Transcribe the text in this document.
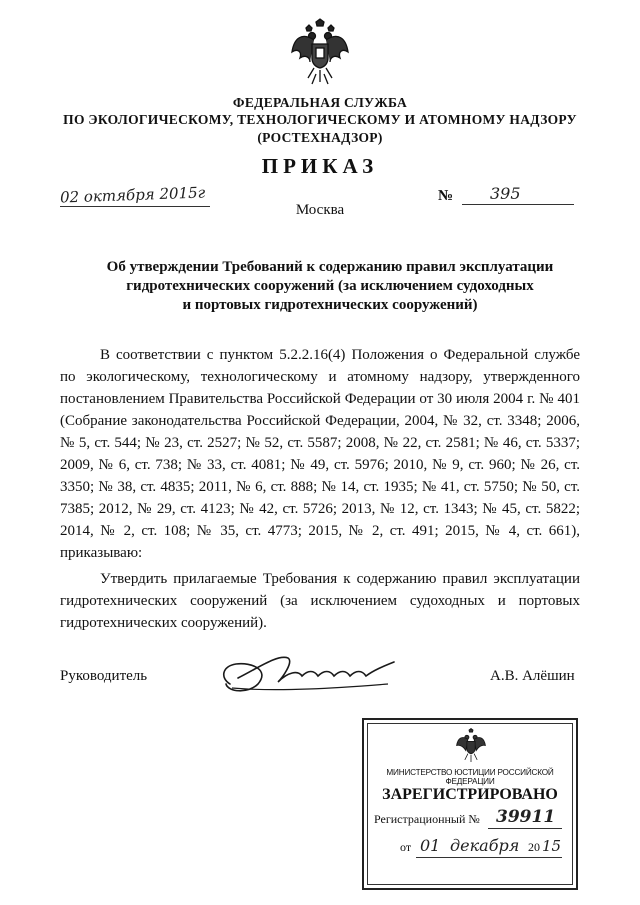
ФЕДЕРАЛЬНАЯ СЛУЖБА
ПО ЭКОЛОГИЧЕСКОМУ, ТЕХНОЛОГИЧЕСКОМУ И АТОМНОМУ НАДЗОРУ
(РОСТЕХНАДЗОР)
ПРИКАЗ
02 октября 2015г	№ 395
Москва
Об утверждении Требований к содержанию правил эксплуатации
гидротехнических сооружений (за исключением судоходных
и портовых гидротехнических сооружений)

В соответствии с пунктом 5.2.2.16(4) Положения о Федеральной службе по экологическому, технологическому и атомному надзору, утвержденного постановлением Правительства Российской Федерации от 30 июля 2004 г. № 401 (Собрание законодательства Российской Федерации, 2004, № 32, ст. 3348; 2006, № 5, ст. 544; № 23, ст. 2527; № 52, ст. 5587; 2008, № 22, ст. 2581; № 46, ст. 5337; 2009, № 6, ст. 738; № 33, ст. 4081; № 49, ст. 5976; 2010, № 9, ст. 960; № 26, ст. 3350; № 38, ст. 4835; 2011, № 6, ст. 888; № 14, ст. 1935; № 41, ст. 5750; № 50, ст. 7385; 2012, № 29, ст. 4123; № 42, ст. 5726; 2013, № 12, ст. 1343; № 45, ст. 5822; 2014, № 2, ст. 108; № 35, ст. 4773; 2015, № 2, ст. 491; 2015, № 4, ст. 661), приказываю:

Утвердить прилагаемые Требования к содержанию правил эксплуатации гидротехнических сооружений (за исключением судоходных и портовых гидротехнических сооружений).

Руководитель	А.В. Алёшин
МИНИСТЕРСТВО ЮСТИЦИИ РОССИЙСКОЙ ФЕДЕРАЦИИ
ЗАРЕГИСТРИРОВАНО
Регистрационный № 39911
от 01 декабря 20 15
